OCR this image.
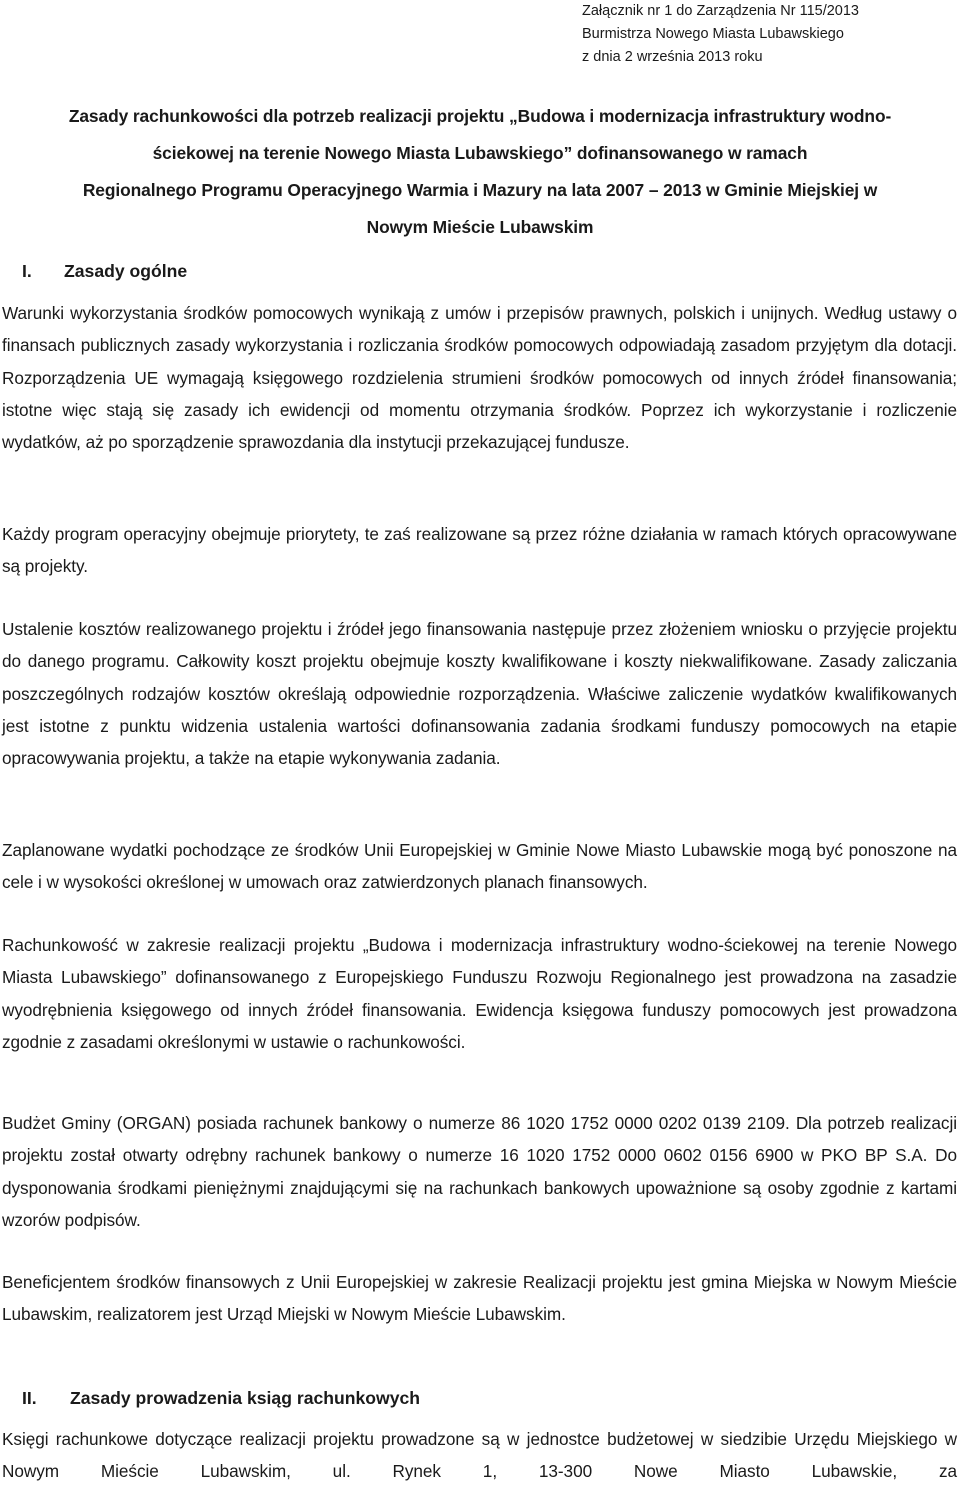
Załącznik nr 1 do Zarządzenia Nr 115/2013
Burmistrza Nowego Miasta Lubawskiego
z dnia 2 września 2013 roku
Zasady rachunkowości dla potrzeb realizacji projektu „Budowa i modernizacja infrastruktury wodno-
ściekowej na terenie Nowego Miasta Lubawskiego” dofinansowanego w ramach
Regionalnego Programu Operacyjnego Warmia i Mazury na lata 2007 – 2013 w Gminie Miejskiej w
Nowym Mieście Lubawskim
I. Zasady ogólne
Warunki wykorzystania środków pomocowych wynikają z umów i przepisów prawnych, polskich i unijnych. Według ustawy o finansach publicznych zasady wykorzystania i rozliczania środków pomocowych odpowiadają zasadom przyjętym dla dotacji. Rozporządzenia UE wymagają księgowego rozdzielenia strumieni środków pomocowych od innych źródeł finansowania; istotne więc stają się zasady ich ewidencji od momentu otrzymania środków. Poprzez ich wykorzystanie i rozliczenie wydatków, aż po sporządzenie sprawozdania dla instytucji przekazującej fundusze.
Każdy program operacyjny obejmuje priorytety, te zaś realizowane są przez różne działania w ramach których opracowywane są projekty.
Ustalenie kosztów realizowanego projektu i źródeł jego finansowania następuje przez złożeniem wniosku o przyjęcie projektu do danego programu. Całkowity koszt projektu obejmuje koszty kwalifikowane i koszty niekwalifikowane. Zasady zaliczania poszczególnych rodzajów kosztów określają odpowiednie rozporządzenia. Właściwe zaliczenie wydatków kwalifikowanych jest istotne z punktu widzenia ustalenia wartości dofinansowania zadania środkami funduszy pomocowych na etapie opracowywania projektu, a także na etapie wykonywania zadania.
Zaplanowane wydatki pochodzące ze środków Unii Europejskiej w Gminie Nowe Miasto Lubawskie mogą być ponoszone na cele i w wysokości określonej w umowach oraz zatwierdzonych planach finansowych.
Rachunkowość w zakresie realizacji projektu „Budowa i modernizacja infrastruktury wodno-ściekowej na terenie Nowego Miasta Lubawskiego” dofinansowanego z Europejskiego Funduszu Rozwoju Regionalnego jest prowadzona na zasadzie wyodrębnienia księgowego od innych źródeł finansowania. Ewidencja księgowa funduszy pomocowych jest prowadzona zgodnie z zasadami określonymi w ustawie o rachunkowości.
Budżet Gminy (ORGAN) posiada rachunek bankowy o numerze 86 1020 1752 0000 0202 0139 2109. Dla potrzeb realizacji projektu został otwarty odrębny rachunek bankowy o numerze 16 1020 1752 0000 0602 0156 6900 w PKO BP S.A. Do dysponowania środkami pieniężnymi znajdującymi się na rachunkach bankowych upoważnione są osoby zgodnie z kartami wzorów podpisów.
Beneficjentem środków finansowych z Unii Europejskiej w zakresie Realizacji projektu jest gmina Miejska w Nowym Mieście Lubawskim, realizatorem jest Urząd Miejski w Nowym Mieście Lubawskim.
II. Zasady prowadzenia ksiąg rachunkowych
Księgi rachunkowe dotyczące realizacji projektu prowadzone są w jednostce budżetowej w siedzibie Urzędu Miejskiego w Nowym Mieście Lubawskim, ul. Rynek 1, 13-300 Nowe Miasto Lubawskie, za
